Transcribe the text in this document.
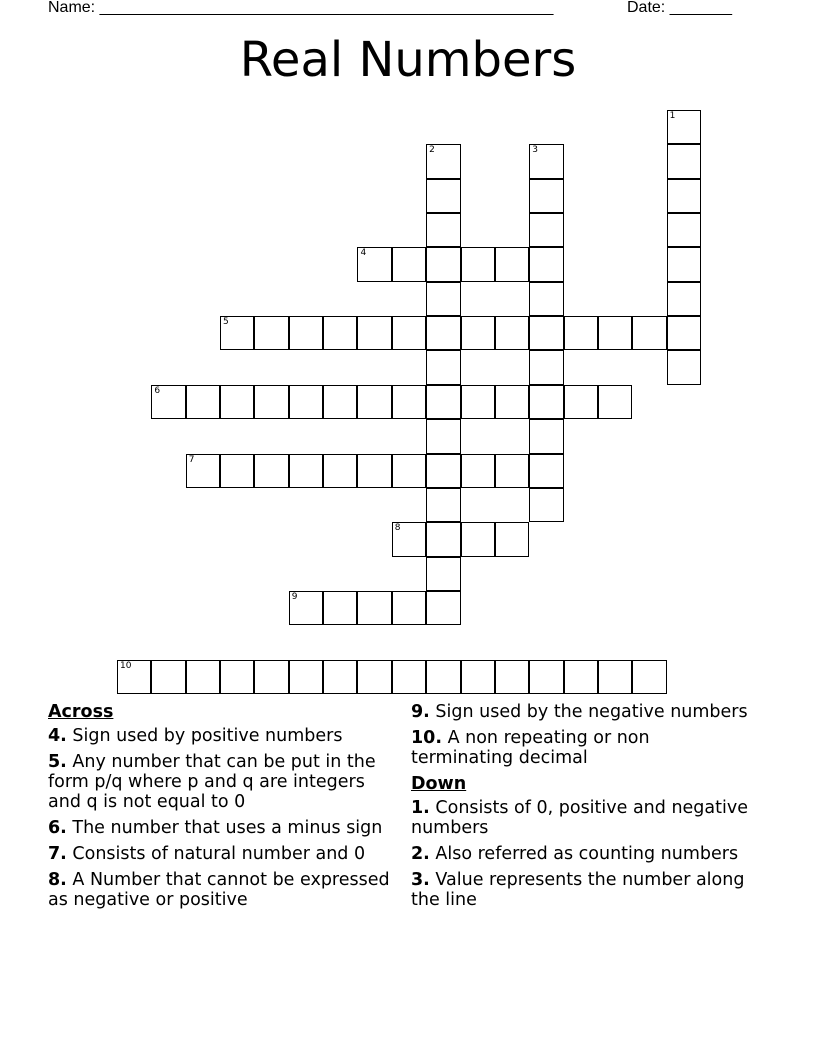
Name: ___________________________________________________	Date: _______
Real Numbers
1
2	3
4
5
6
7
8
9
10
Across
4. Sign used by positive numbers
5. Any number that can be put in the form p/q where p and q are integers and q is not equal to 0
6. The number that uses a minus sign
7. Consists of natural number and 0
8. A Number that cannot be expressed as negative or positive
9. Sign used by the negative numbers
10. A non repeating or non terminating decimal
Down
1. Consists of 0, positive and negative numbers
2. Also referred as counting numbers
3. Value represents the number along the line
